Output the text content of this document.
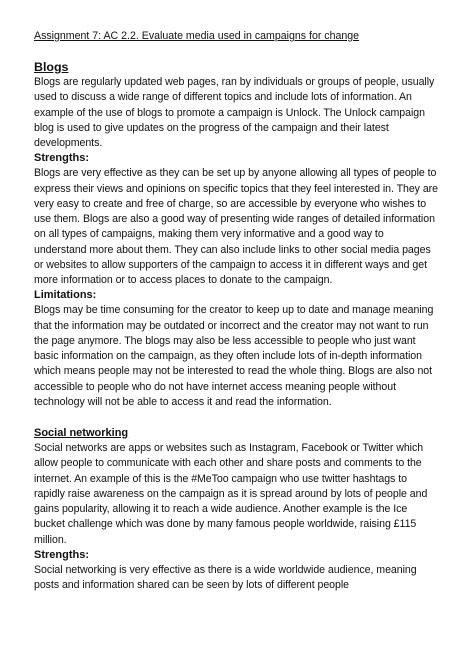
Assignment 7: AC 2.2. Evaluate media used in campaigns for change

Blogs

Blogs are regularly updated web pages, ran by individuals or groups of people, usually used to discuss a wide range of different topics and include lots of information. An example of the use of blogs to promote a campaign is Unlock. The Unlock campaign blog is used to give updates on the progress of the campaign and their latest developments.

Strengths:

Blogs are very effective as they can be set up by anyone allowing all types of people to express their views and opinions on specific topics that they feel interested in. They are very easy to create and free of charge, so are accessible by everyone who wishes to use them. Blogs are also a good way of presenting wide ranges of detailed information on all types of campaigns, making them very informative and a good way to understand more about them. They can also include links to other social media pages or websites to allow supporters of the campaign to access it in different ways and get more information or to access places to donate to the campaign.

Limitations:

Blogs may be time consuming for the creator to keep up to date and manage meaning that the information may be outdated or incorrect and the creator may not want to run the page anymore. The blogs may also be less accessible to people who just want basic information on the campaign, as they often include lots of in-depth information which means people may not be interested to read the whole thing. Blogs are also not accessible to people who do not have internet access meaning people without technology will not be able to access it and read the information.

Social networking

Social networks are apps or websites such as Instagram, Facebook or Twitter which allow people to communicate with each other and share posts and comments to the internet. An example of this is the #MeToo campaign who use twitter hashtags to rapidly raise awareness on the campaign as it is spread around by lots of people and gains popularity, allowing it to reach a wide audience. Another example is the Ice bucket challenge which was done by many famous people worldwide, raising £115 million.

Strengths:

Social networking is very effective as there is a wide worldwide audience, meaning posts and information shared can be seen by lots of different people
